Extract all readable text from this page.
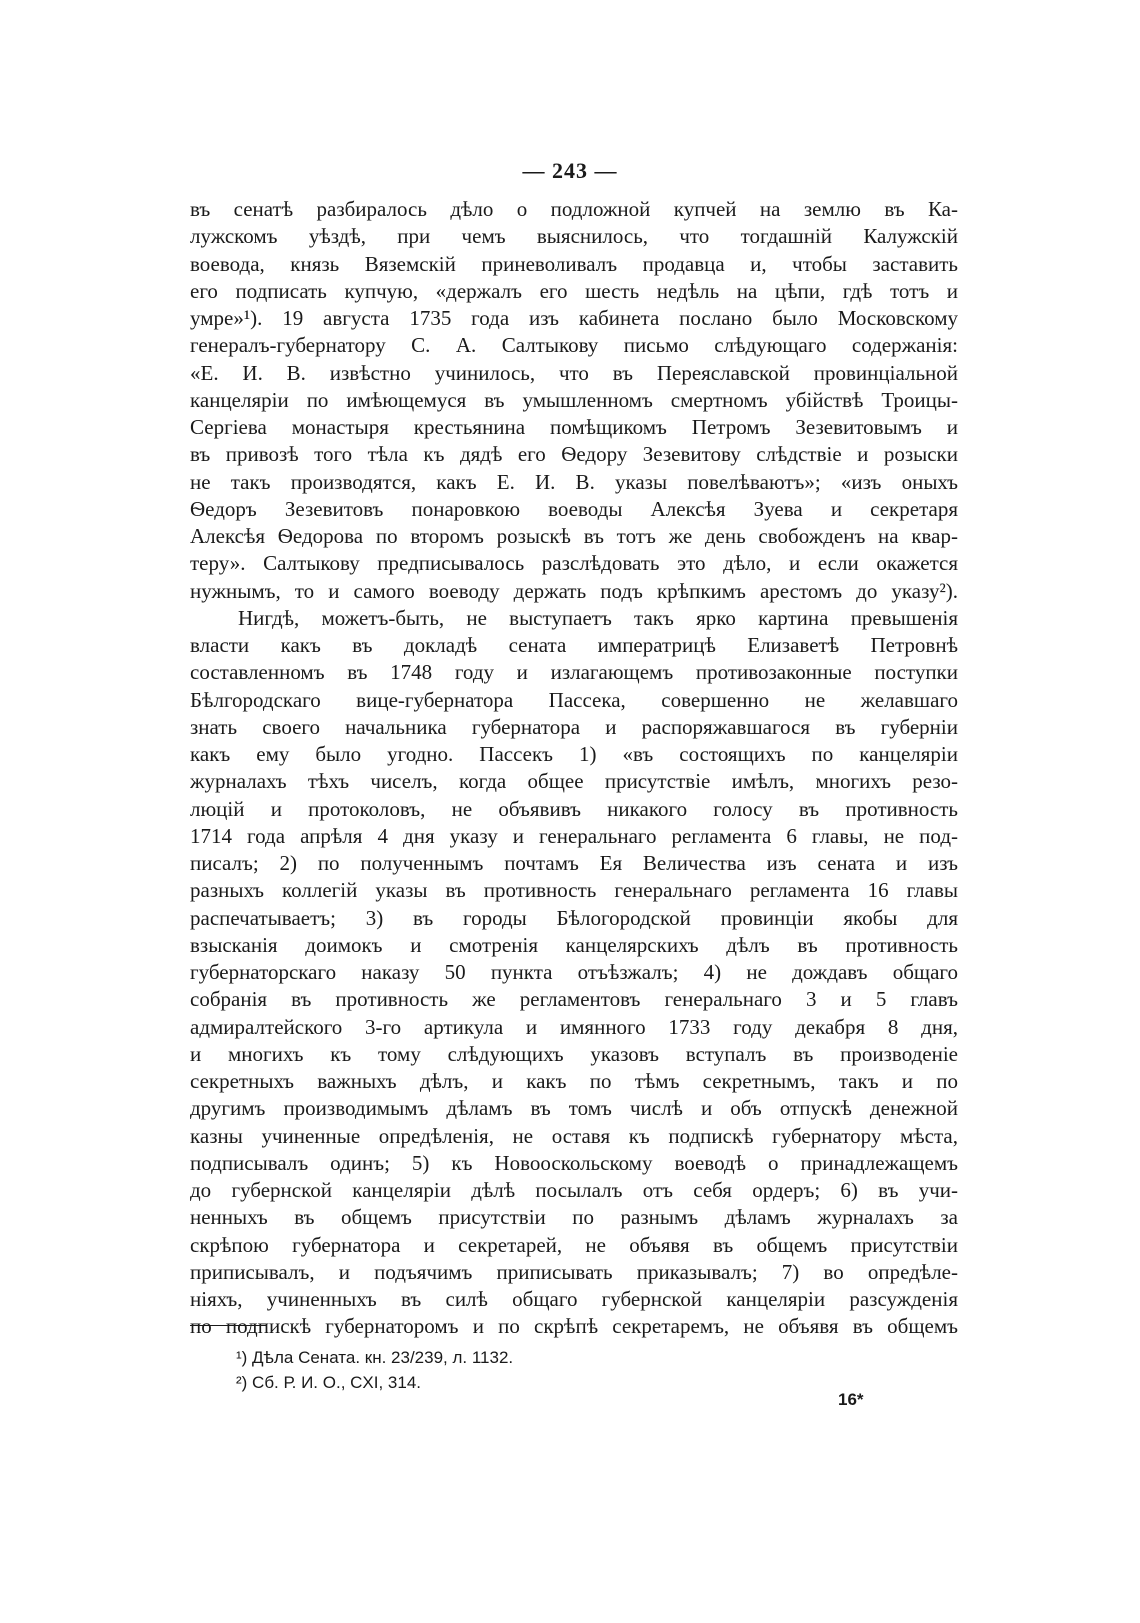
— 243 —
въ сенатѣ разбиралось дѣло о подложной купчей на землю въ Ка-
лужскомъ уѣздѣ, при чемъ выяснилось, что тогдашній Калужскій
воевода, князь Вяземскій приневоливалъ продавца и, чтобы заставить
его подписать купчую, «держалъ его шесть недѣль на цѣпи, гдѣ тотъ и
умре»¹). 19 августа 1735 года изъ кабинета послано было Московскому
генералъ-губернатору С. А. Салтыкову письмо слѣдующаго содержанія:
«Е. И. В. извѣстно учинилось, что въ Переяславской провинціальной
канцеляріи по имѣющемуся въ умышленномъ смертномъ убійствѣ Троицы-
Сергіева монастыря крестьянина помѣщикомъ Петромъ Зезевитовымъ и
въ привозѣ того тѣла къ дядѣ его Ѳедору Зезевитову слѣдствіе и розыски
не такъ производятся, какъ Е. И. В. указы повелѣваютъ»; «изъ оныхъ
Ѳедоръ Зезевитовъ понаровкою воеводы Алексѣя Зуева и секретаря
Алексѣя Ѳедорова по второмъ розыскѣ въ тотъ же день свобожденъ на квар-
теру». Салтыкову предписывалось разслѣдовать это дѣло, и если окажется
нужнымъ, то и самого воеводу держать подъ крѣпкимъ арестомъ до указу²).
Нигдѣ, можетъ-быть, не выступаетъ такъ ярко картина превышенія
власти какъ въ докладѣ сената императрицѣ Елизаветѣ Петровнѣ
составленномъ въ 1748 году и излагающемъ противозаконные поступки
Бѣлгородскаго вице-губернатора Пассека, совершенно не желавшаго
знать своего начальника губернатора и распоряжавшагося въ губерніи
какъ ему было угодно. Пассекъ 1) «въ состоящихъ по канцеляріи
журналахъ тѣхъ чиселъ, когда общее присутствіе имѣлъ, многихъ резо-
люцій и протоколовъ, не объявивъ никакого голосу въ противность
1714 года апрѣля 4 дня указу и генеральнаго регламента 6 главы, не под-
писалъ; 2) по полученнымъ почтамъ Ея Величества изъ сената и изъ
разныхъ коллегій указы въ противность генеральнаго регламента 16 главы
распечатываетъ; 3) въ городы Бѣлогородской провинціи якобы для
взысканія доимокъ и смотренія канцелярскихъ дѣлъ въ противность
губернаторскаго наказу 50 пункта отъѣзжалъ; 4) не дождавъ общаго
собранія въ противность же регламентовъ генеральнаго 3 и 5 главъ
адмиралтейского 3-го артикула и имянного 1733 году декабря 8 дня,
и многихъ къ тому слѣдующихъ указовъ вступалъ въ производеніе
секретныхъ важныхъ дѣлъ, и какъ по тѣмъ секретнымъ, такъ и по
другимъ производимымъ дѣламъ въ томъ числѣ и объ отпускѣ денежной
казны учиненные опредѣленія, не оставя къ подпискѣ губернатору мѣста,
подписывалъ одинъ; 5) къ Новооскольскому воеводѣ о принадлежащемъ
до губернской канцеляріи дѣлѣ посылалъ отъ себя ордеръ; 6) въ учи-
ненныхъ въ общемъ присутствіи по разнымъ дѣламъ журналахъ за
скрѣпою губернатора и секретарей, не объявя въ общемъ присутствіи
приписывалъ, и подъячимъ приписывать приказывалъ; 7) во опредѣле-
ніяхъ, учиненныхъ въ силѣ общаго губернской канцеляріи разсужденія
по подпискѣ губернаторомъ и по скрѣпѣ секретаремъ, не объявя въ общемъ
¹) Дѣла Сената. кн. 23/239, л. 1132.
²) Сб. Р. И. О., CXI, 314.
16*
